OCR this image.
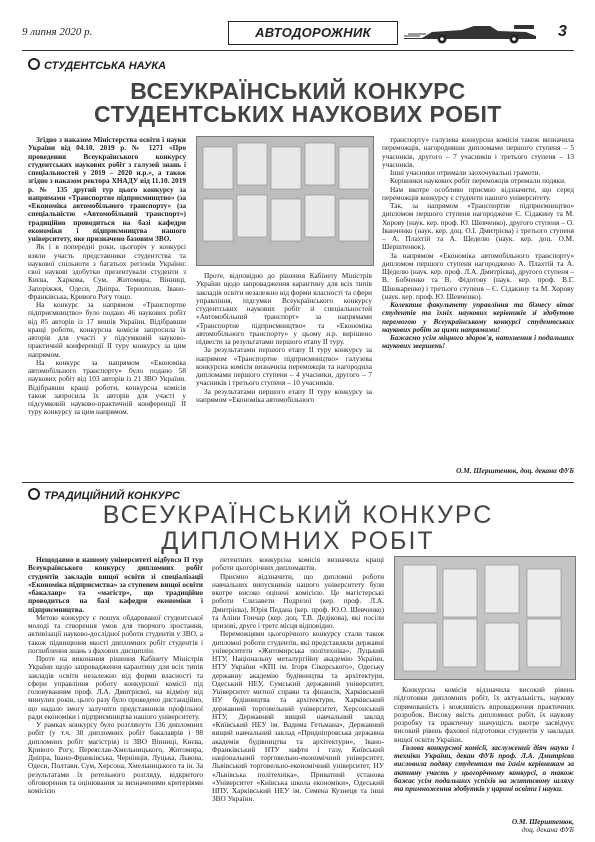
9 липня 2020 р.	АВТОДОРОЖНИК	3
СТУДЕНТСЬКА НАУКА
ВСЕУКРАЇНСЬКИЙ КОНКУРС
СТУДЕНТСЬКИХ НАУКОВИХ РОБІТ

Згідно з наказом Міністерства освіти і науки України від 04.10. 2019 р. № 1271 «Про проведення Всеукраїнського конкурсу студентських наукових робіт з галузей знань і спеціальностей у 2019 – 2020 н.р.», а також згідно з наказом ректора ХНАДУ від 11.10. 2019 р. № 135 другий тур цього конкурсу за напрямами «Транспортне підприємництво» (за «Економіка автомобільного транспорту» (за спеціальністю «Автомобільний транспорт») традиційно проводиться на базі кафедри економіки і підприємництва нашого університету, яке призначено базовим ЗВО.

Як і в попередні роки, цьогоріч у конкурсі взяли участь представники студентства та наукової спільноти з багатьох регіонів України: свої наукові здобутки презентували студенти з Києва, Харкова, Сум, Житомира, Вінниці, Запоріжжя, Одеси, Дніпра, Тернополя, Івано-Франківська, Кривого Рогу тощо.

На конкурс за напрямом «Транспортне підприємництво» було подано 46 наукових робіт від 85 авторів із 17 вишів України. Відібравши кращі роботи, конкурсна комісія запросила їх авторів для участі у підсумковій науково-практичній конференції II туру конкурсу за цим напрямом.

На конкурс за напрямом «Економіка автомобільного транспорту» було подано 58 наукових робіт від 103 авторів із 21 ЗВО України. Відібравши кращі роботи, конкурсна комісія також запросила їх авторів для участі у підсумковій науково-практичній конференції II туру конкурсу за цим напрямом.

Проте, відповідно до рішення Кабінету Міністрів України щодо запровадження карантину для всіх типів закладів освіти незалежно від форми власності та сфери управління, підсумки Всеукраїнського конкурсу студентських наукових робіт зі спеціальностей «Автомобільний транспорт» за напрямами «Транспортне підприємництво» та «Економіка автомобільного транспорту» у цьому н.р. вирішено підвести за результатами першого етапу II туру.

За результатами першого етапу II туру конкурсу за напрямом «Транспортне підприємництво» галузева конкурсна комісія визначила переможців та нагородила дипломами першого ступеня – 4 учасники, другого – 7 учасників і третього ступеня – 10 учасників.

За результатами першого етапу II туру конкурсу за напрямом «Економіка автомобільного

транспорту» галузева конкурсна комісія також визначила переможців, нагородивши дипломами першого ступеня – 5 учасників, другого – 7 учасників і третього ступеня – 13 учасників.

Інші учасники отримали заохочувальні грамоти.

Керівники наукових робіт переможців отримали подяки.

Нам вкотре особливо приємно відзначити, що серед переможців конкурсу є студенти нашого університету.

Так, за напрямом «Транспортне підприємництво» дипломом першого ступеня нагороджене Є. Сідакину та М. Хорову (наук. кер. проф. Ю. Шевченко), другого ступеня – О. Іванченко (наук. кер. доц. О.І. Дмитрієва) і третього ступеня – А. Плахтій та А. Щеделю (наук. кер. доц. О.М. Шерштенюк).

За напрямом «Економіка автомобільного транспорту» дипломом першого ступеня нагороджено А. Плахтій та А. Щеделю (наук. кер. проф. Л.А. Дмитрієва), другого ступеня – В. Бобченко та В. Фідотову (наук. кер. проф. В.Г. Шинкаренко) і третього ступеня – Є. Сідакину та М. Хорову (наук. кер. проф. Ю. Шевченко).

Колектив факультету управління та бізнесу вітає студентів та їхніх наукових керівників зі здобутою перемогою у Всеукраїнському конкурсі студентських наукових робіт за цими напрямами!

Бажаємо усім міцного здоров'я, натхнення і подальших наукових звершень!

О.М. Шерштенюк, доц. декана ФУБ

ТРАДИЦІЙНИЙ КОНКУРС
ВСЕУКРАЇНСЬКИЙ КОНКУРС
ДИПЛОМНИХ РОБІТ

Нещодавно в нашому університеті відбувся II тур Всеукраїнського конкурсу дипломних робіт студентів закладів вищої освіти зі спеціалізації «Економіка підприємства» за ступенем вищої освіти «бакалавр» та «магістр», що традиційно проводиться на базі кафедри економіки і підприємництва.

Метою конкурсу є пошук обдарованої студентської молоді та створення умов для творчого зростання, активізації науково-дослідної роботи студентів у ЗВО, а також підвищення якості дипломних робіт студентів і поглиблення знань з фахових дисциплін.

Проте на виконання рішення Кабінету Міністрів України щодо запровадження карантину для всіх типів закладів освіти незалежно від форми власності та сфери управління роботу конкурсної комісії під головуванням проф. Л.А. Дмитрієвої, на відміну від минулих років, цього разу було проведено дистанційно, що надало змогу залучити представників профільної ради економіки і підприємництва нашого університету.

У рамках конкурсу було розглянуто 136 дипломних робіт (у т.ч. 38 дипломних робіт бакалаврів і 98 дипломних робіт магістрів) із ЗВО Вінниці, Києва, Кривого Рогу, Переяслав-Хмельницького, Житомира, Дніпра, Івано-Франківська, Чернівців, Луцька, Львова, Одеси, Полтави, Сум, Херсона, Хмельницького та ін. За результатами їх ретельного розгляду, відкритого обговорення та оцінювання за визначеними критеріями комісією

петентних конкурсна комісія визначила кращі роботи цьогорічних дипломантів.

Приємно відзначити, що дипломні роботи навчальних випускників нашого університету були вкотре високо оцінені комісією. Це магістерські роботи Єлизавети Подрезої (кер. проф. Л.А. Дмитрієва), Юрія Педана (кер. проф. Ю.О. Шевченко) та Аліни Гончар (кер. доц. Т.В. Дедікова), які посіли призові, друге і третє місця відповідно.

Переможцями цьогорічного конкурсу стали також дипломні роботи студентів, які представляли державні університети «Житомирська політехніка», Луцький НТУ, Національну металургійну академію України, НТУ України «КПІ ім. Ігоря Сікорського», Одеську державну академію будівництва та архітектури, Одеський НЕУ, Сумський державний університет, Університет митної справи та фінансів, Харківський НУ будівництва та архітектури, Харківський державний торговельний університет, Херсонський НТУ, Державний вищий навчальний заклад «Київський НЕУ ім. Вадима Гетьмана», Державний вищий навчальний заклад «Придніпровська державна академія будівництва та архітектури», Івано-Франківський НТУ нафти і газу, Київський національний торговельно-економічний університет, Львівський торговельно-економічний університет, НУ «Львівська політехніка», Приватний установа «Університет «Київська школа економіки», Одеський НПУ, Харківський НЕУ ім. Семена Кузнеця та інші ЗВО України.

Конкурсна комісія відзначила високий рівень підготовки дипломних робіт, їх актуальність, наукову спрямованість і можливість впровадження практичних розробок. Високу якість дипломних робіт, їх наукову розробку та практичну значущість вкотре засвідчує високий рівень фахової підготовки студентів у закладах вищої освіти України.

Голова конкурсної комісії, заслужений діяч науки і техніки України, декан ФУБ проф. Л.А. Дмитрієва висловила подяку студентам та їхнім керівникам за активну участь у цьогорічному конкурсі, а також бажає усім подальших успіхів на життєвому шляху та примноження здобутків у царині освіти і науки.

О.М. Шерштенюк,

доц. декана ФУБ
